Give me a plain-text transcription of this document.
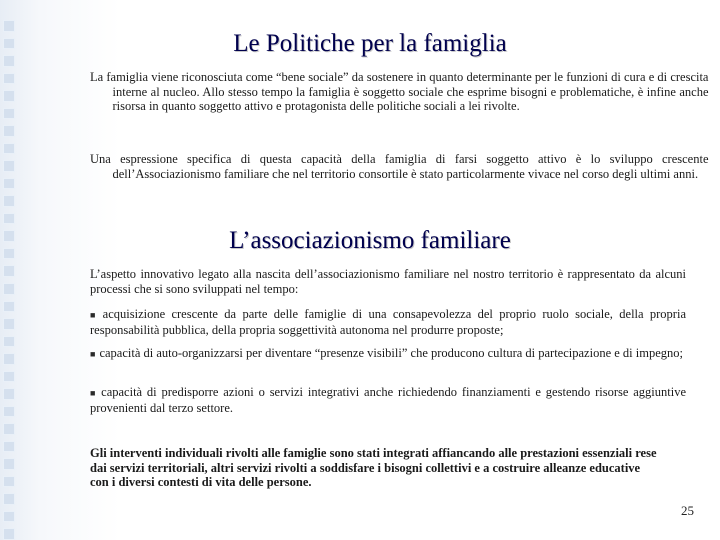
Le Politiche per la famiglia
La famiglia viene riconosciuta come “bene sociale” da sostenere in quanto determinante per le funzioni di cura e di crescita interne al nucleo. Allo stesso tempo la famiglia è soggetto sociale che esprime bisogni e problematiche, è infine anche risorsa in quanto soggetto attivo e protagonista delle politiche sociali a lei rivolte.
Una espressione specifica di questa capacità della famiglia di farsi soggetto attivo è lo sviluppo crescente dell’Associazionismo familiare che nel territorio consortile è stato particolarmente vivace nel corso degli ultimi anni.
L’associazionismo familiare
L’aspetto innovativo legato alla nascita dell’associazionismo familiare nel nostro territorio è rappresentato da alcuni processi che si sono sviluppati nel tempo:
■ acquisizione crescente da parte delle famiglie di una consapevolezza del proprio ruolo sociale, della propria responsabilità pubblica, della propria soggettività autonoma nel produrre proposte;
■ capacità di auto-organizzarsi per diventare “presenze visibili” che producono cultura di partecipazione e di impegno;
■ capacità di predisporre azioni o servizi integrativi anche richiedendo finanziamenti e gestendo risorse aggiuntive provenienti dal terzo settore.
Gli interventi individuali rivolti alle famiglie sono stati integrati affiancando alle prestazioni essenziali rese dai servizi territoriali, altri servizi rivolti a soddisfare i bisogni collettivi e a costruire alleanze educative con i diversi contesti di vita delle persone.
25
